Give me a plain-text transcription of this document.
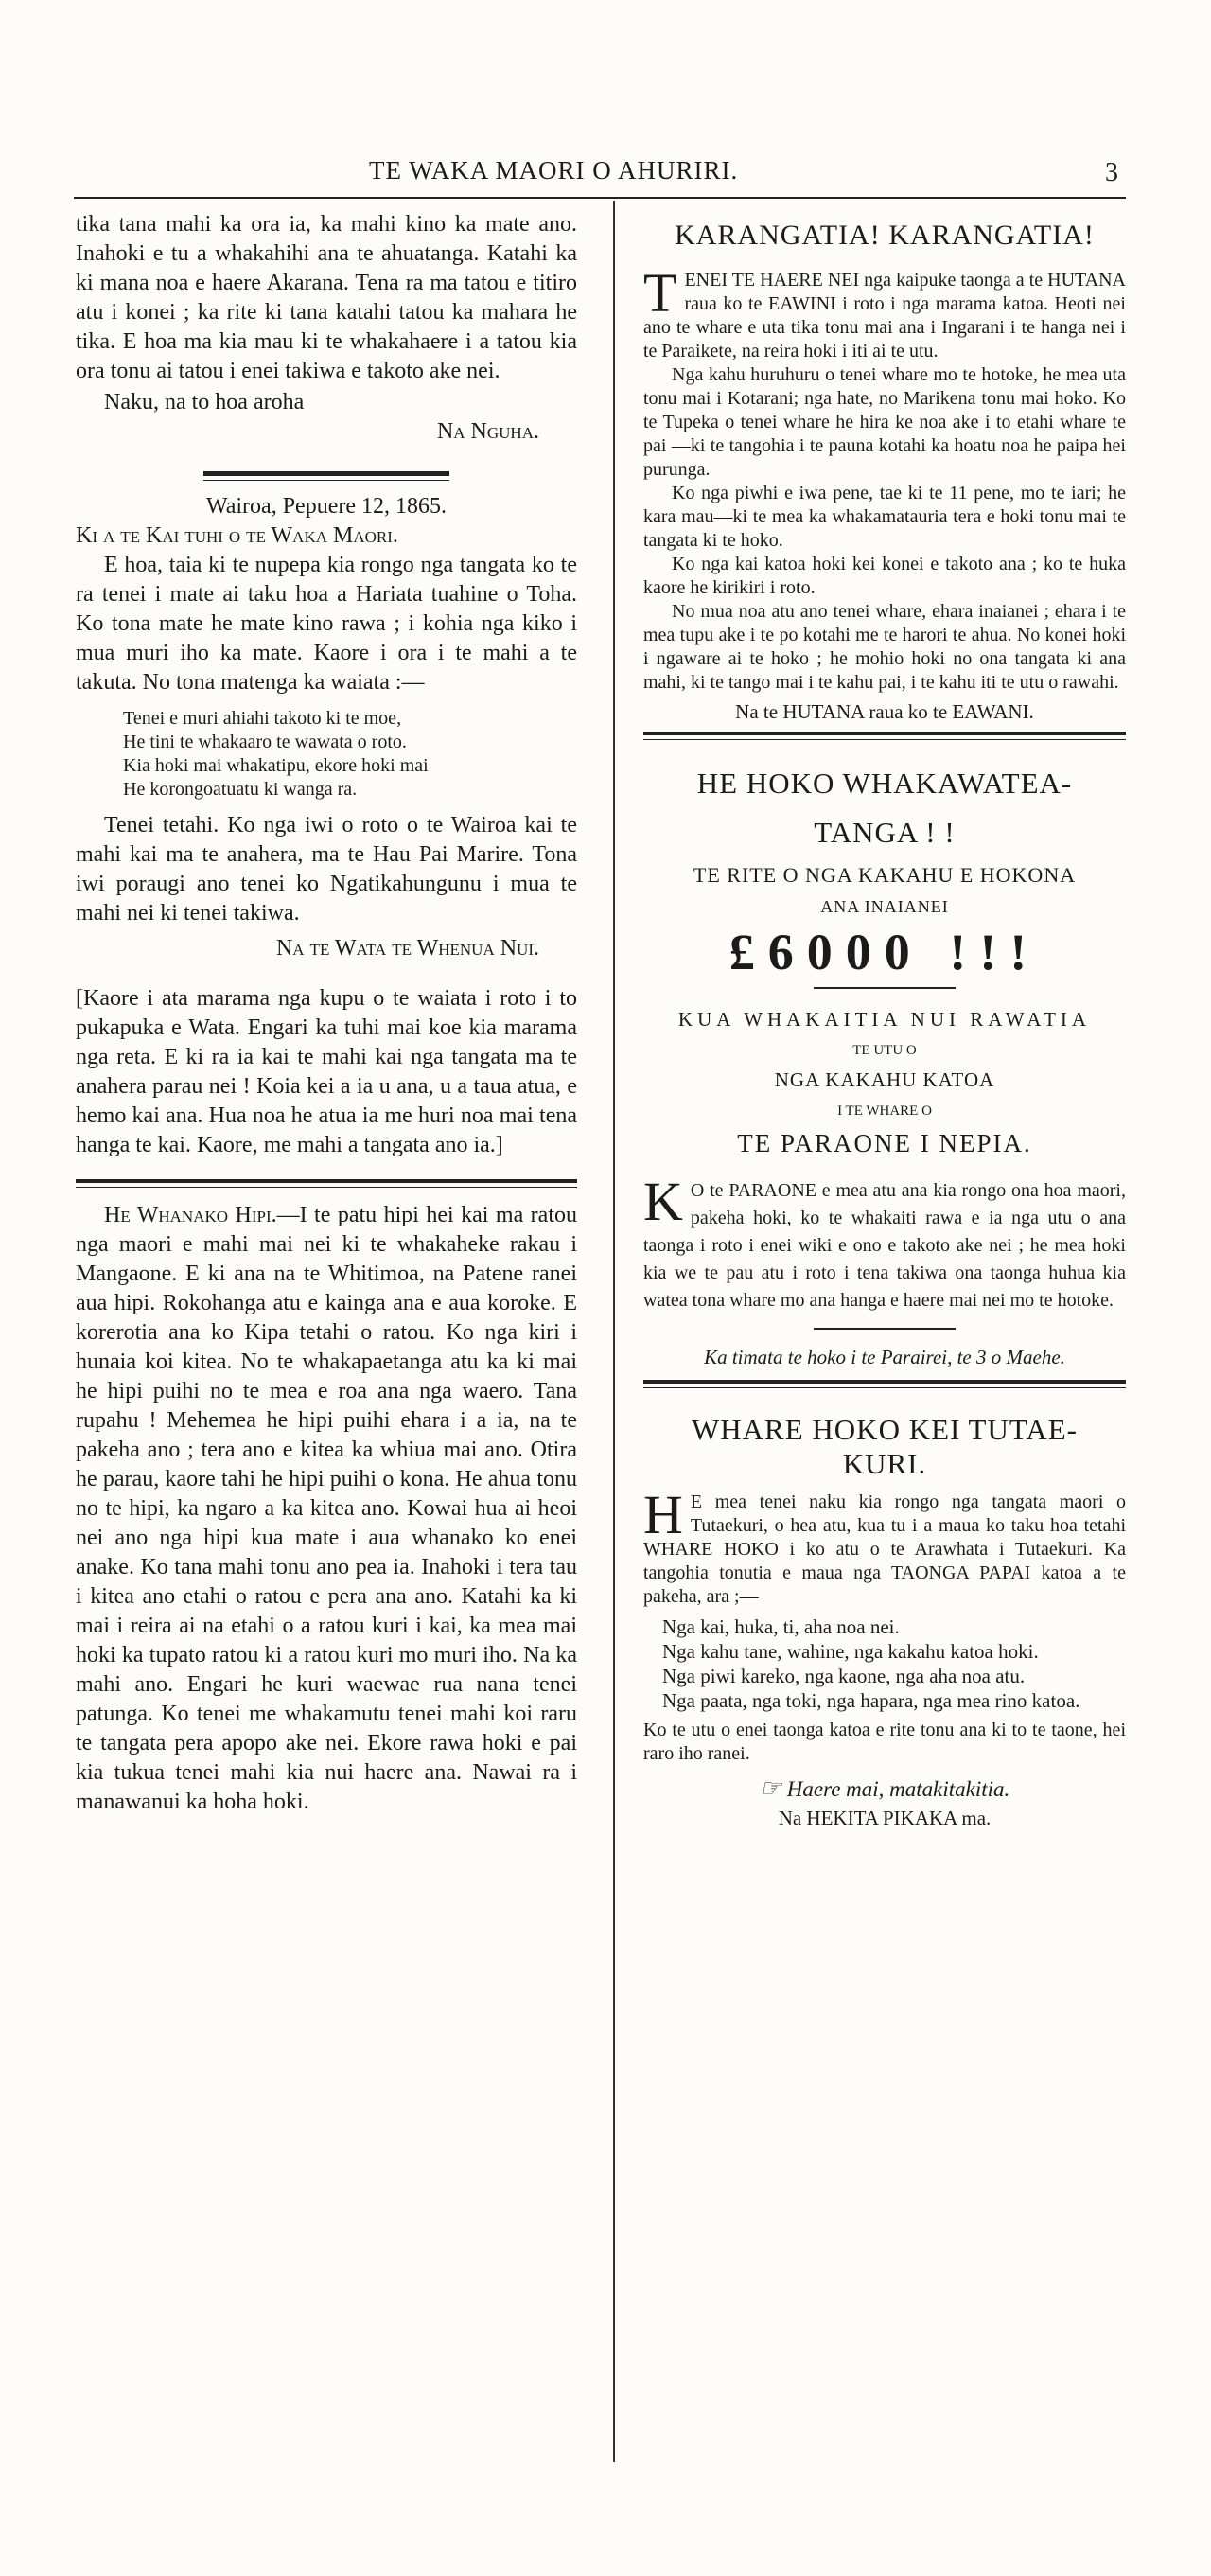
TE WAKA MAORI O AHURIRI.	3

tika tana mahi ka ora ia, ka mahi kino ka mate ano. Inahoki e tu a whakahihi ana te ahuatanga. Katahi ka ki mana noa e haere Akarana. Tena ra ma tatou e titiro atu i konei ; ka rite ki tana katahi tatou ka mahara he tika. E hoa ma kia mau ki te whakahaere i a tatou kia ora tonu ai tatou i enei takiwa e takoto ake nei.

Naku, na to hoa aroha

Na Nguha.

Wairoa, Pepuere 12, 1865.

Ki a te Kai tuhi o te Waka Maori.

E hoa, taia ki te nupepa kia rongo nga tangata ko te ra tenei i mate ai taku hoa a Hariata tuahine o Toha. Ko tona mate he mate kino rawa ; i kohia nga kiko i mua muri iho ka mate. Kaore i ora i te mahi a te takuta. No tona matenga ka waiata :—

Tenei e muri ahiahi takoto ki te moe,
He tini te whakaaro te wawata o roto.
Kia hoki mai whakatipu, ekore hoki mai
He korongoatuatu ki wanga ra.

Tenei tetahi. Ko nga iwi o roto o te Wairoa kai te mahi kai ma te anahera, ma te Hau Pai Marire. Tona iwi poraugi ano tenei ko Ngatikahungunu i mua te mahi nei ki tenei takiwa.

Na te Wata te Whenua Nui.

[Kaore i ata marama nga kupu o te waiata i roto i to pukapuka e Wata. Engari ka tuhi mai koe kia marama nga reta. E ki ra ia kai te mahi kai nga tangata ma te anahera parau nei ! Koia kei a ia u ana, u a taua atua, e hemo kai ana. Hua noa he atua ia me huri noa mai tena hanga te kai. Kaore, me mahi a tangata ano ia.]

He Whanako Hipi.—I te patu hipi hei kai ma ratou nga maori e mahi mai nei ki te whakaheke rakau i Mangaone. E ki ana na te Whitimoa, na Patene ranei aua hipi. Rokohanga atu e kainga ana e aua koroke. E korerotia ana ko Kipa tetahi o ratou. Ko nga kiri i hunaia koi kitea. No te whakapaetanga atu ka ki mai he hipi puihi no te mea e roa ana nga waero. Tana rupahu ! Mehemea he hipi puihi ehara i a ia, na te pakeha ano ; tera ano e kitea ka whiua mai ano. Otira he parau, kaore tahi he hipi puihi o kona. He ahua tonu no te hipi, ka ngaro a ka kitea ano. Kowai hua ai heoi nei ano nga hipi kua mate i aua whanako ko enei anake. Ko tana mahi tonu ano pea ia. Inahoki i tera tau i kitea ano etahi o ratou e pera ana ano. Katahi ka ki mai i reira ai na etahi o a ratou kuri i kai, ka mea mai hoki ka tupato ratou ki a ratou kuri mo muri iho. Na ka mahi ano. Engari he kuri waewae rua nana tenei patunga. Ko tenei me whakamutu tenei mahi koi raru te tangata pera apopo ake nei. Ekore rawa hoki e pai kia tukua tenei mahi kia nui haere ana. Nawai ra i manawanui ka hoha hoki.

KARANGATIA! KARANGATIA!

TENEI TE HAERE NEI nga kaipuke taonga a te HUTANA raua ko te EAWINI i roto i nga marama katoa. Heoti nei ano te whare e uta tika tonu mai ana i Ingarani i te hanga nei i te Paraikete, na reira hoki i iti ai te utu.

Nga kahu huruhuru o tenei whare mo te hotoke, he mea uta tonu mai i Kotarani; nga hate, no Marikena tonu mai hoko. Ko te Tupeka o tenei whare he hira ke noa ake i to etahi whare te pai —ki te tangohia i te pauna kotahi ka hoatu noa he paipa hei purunga.

Ko nga piwhi e iwa pene, tae ki te 11 pene, mo te iari; he kara mau—ki te mea ka whakamatauria tera e hoki tonu mai te tangata ki te hoko.

Ko nga kai katoa hoki kei konei e takoto ana ; ko te huka kaore he kirikiri i roto.

No mua noa atu ano tenei whare, ehara inaianei ; ehara i te mea tupu ake i te po kotahi me te harori te ahua. No konei hoki i ngaware ai te hoko ; he mohio hoki no ona tangata ki ana mahi, ki te tango mai i te kahu pai, i te kahu iti te utu o rawahi.

Na te HUTANA raua ko te EAWANI.

HE HOKO WHAKAWATEA-
TANGA ! !
TE RITE O NGA KAKAHU E HOKONA
ANA INAIANEI
£6000 !!!
KUA WHAKAITIA NUI RAWATIA
TE UTU O
NGA KAKAHU KATOA
I TE WHARE O
TE PARAONE I NEPIA.

K O te PARAONE e mea atu ana kia rongo ona hoa maori, pakeha hoki, ko te whakaiti rawa e ia nga utu o ana taonga i roto i enei wiki e ono e takoto ake nei ; he mea hoki kia we te pau atu i roto i tena takiwa ona taonga huhua kia watea tona whare mo ana hanga e haere mai nei mo te hotoke.

Ka timata te hoko i te Parairei, te 3 o Maehe.

WHARE HOKO KEI TUTAE-
KURI.

H E mea tenei naku kia rongo nga tangata maori o Tutaekuri, o hea atu, kua tu i a maua ko taku hoa tetahi WHARE HOKO i ko atu o te Arawhata i Tutaekuri. Ka tangohia tonutia e maua nga TAONGA PAPAI katoa a te pakeha, ara ;—

Nga kai, huka, ti, aha noa nei.
Nga kahu tane, wahine, nga kakahu katoa hoki.
Nga piwi kareko, nga kaone, nga aha noa atu.
Nga paata, nga toki, nga hapara, nga mea rino katoa.

Ko te utu o enei taonga katoa e rite tonu ana ki to te taone, hei raro iho ranei.

☞ Haere mai, matakitakitia.

Na HEKITA PIKAKA ma.
